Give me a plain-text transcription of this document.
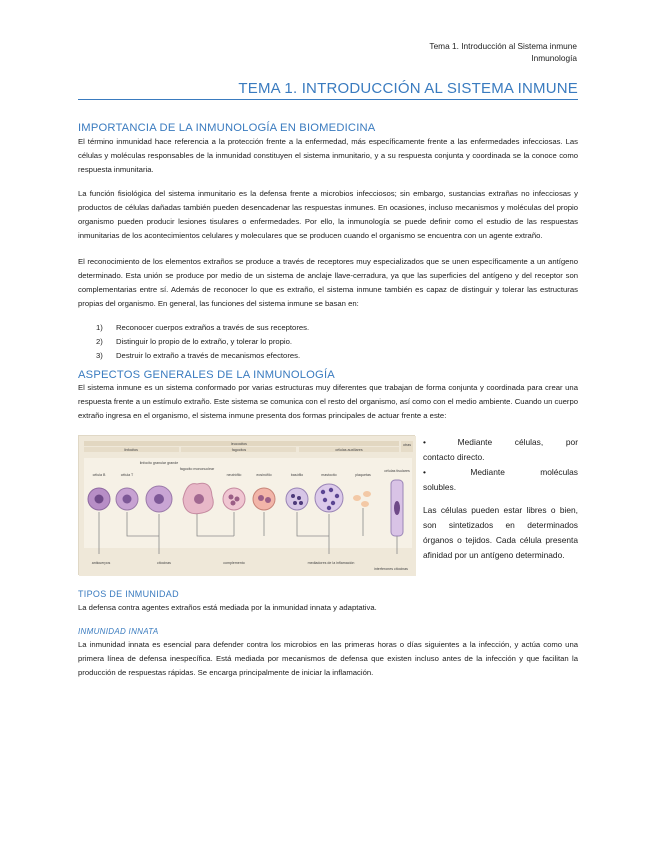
Tema 1. Introducción al Sistema inmune
Inmunología
TEMA 1. INTRODUCCIÓN AL SISTEMA INMUNE
IMPORTANCIA DE LA INMUNOLOGÍA EN BIOMEDICINA

El término inmunidad hace referencia a la protección frente a la enfermedad, más específicamente frente a las enfermedades infecciosas. Las células y moléculas responsables de la inmunidad constituyen el sistema inmunitario, y a su respuesta conjunta y coordinada se la conoce como respuesta inmunitaria.

La función fisiológica del sistema inmunitario es la defensa frente a microbios infecciosos; sin embargo, sustancias extrañas no infecciosas y productos de células dañadas también pueden desencadenar las respuestas inmunes. En ocasiones, incluso mecanismos y moléculas del propio organismo pueden producir lesiones tisulares o enfermedades. Por ello, la inmunología se puede definir como el estudio de las respuestas inmunitarias de los acontecimientos celulares y moleculares que se producen cuando el organismo se encuentra con un agente extraño.

El reconocimiento de los elementos extraños se produce a través de receptores muy especializados que se unen específicamente a un antígeno determinado. Esta unión se produce por medio de un sistema de anclaje llave-cerradura, ya que las superficies del antígeno y del receptor son complementarias entre sí. Además de reconocer lo que es extraño, el sistema inmune también es capaz de distinguir y tolerar las estructuras propias del organismo. En general, las funciones del sistema inmune se basan en:

1)	Reconocer cuerpos extraños a través de sus receptores.
2)	Distinguir lo propio de lo extraño, y tolerar lo propio.
3)	Destruir lo extraño a través de mecanismos efectores.
ASPECTOS GENERALES DE LA INMUNOLOGÍA

El sistema inmune es un sistema conformado por varias estructuras muy diferentes que trabajan de forma conjunta y coordinada para crear una respuesta frente a un estímulo extraño. Este sistema se comunica con el resto del organismo, así como con el medio ambiente. Cuando un cuerpo extraño ingresa en el organismo, el sistema inmune presenta dos formas principales de actuar frente a este:

leucocitos
linfocitos	fagocitos	células auxiliares
otras
célula B	célula T
linfocito granular grande
fagocito mononuclear
neutrófilo	eosinófilo	basófilo	mastocito	plaquetas
células tisulares
anticuerpos	citocinas	complemento	mediadores de la inflamación
interferones citocinas
•	Mediante	células,	por
contacto directo.
•	Mediante	moléculas
solubles.
Las células pueden estar libres o bien, son sintetizados en determinados órganos o tejidos. Cada célula presenta afinidad por un antígeno determinado.
TIPOS DE INMUNIDAD

La defensa contra agentes extraños está mediada por la inmunidad innata y adaptativa.

INMUNIDAD INNATA

La inmunidad innata es esencial para defender contra los microbios en las primeras horas o días siguientes a la infección, y actúa como una primera línea de defensa inespecífica. Está mediada por mecanismos de defensa que existen incluso antes de la infección y que facilitan la producción de respuestas rápidas. Se encarga principalmente de iniciar la inflamación.
